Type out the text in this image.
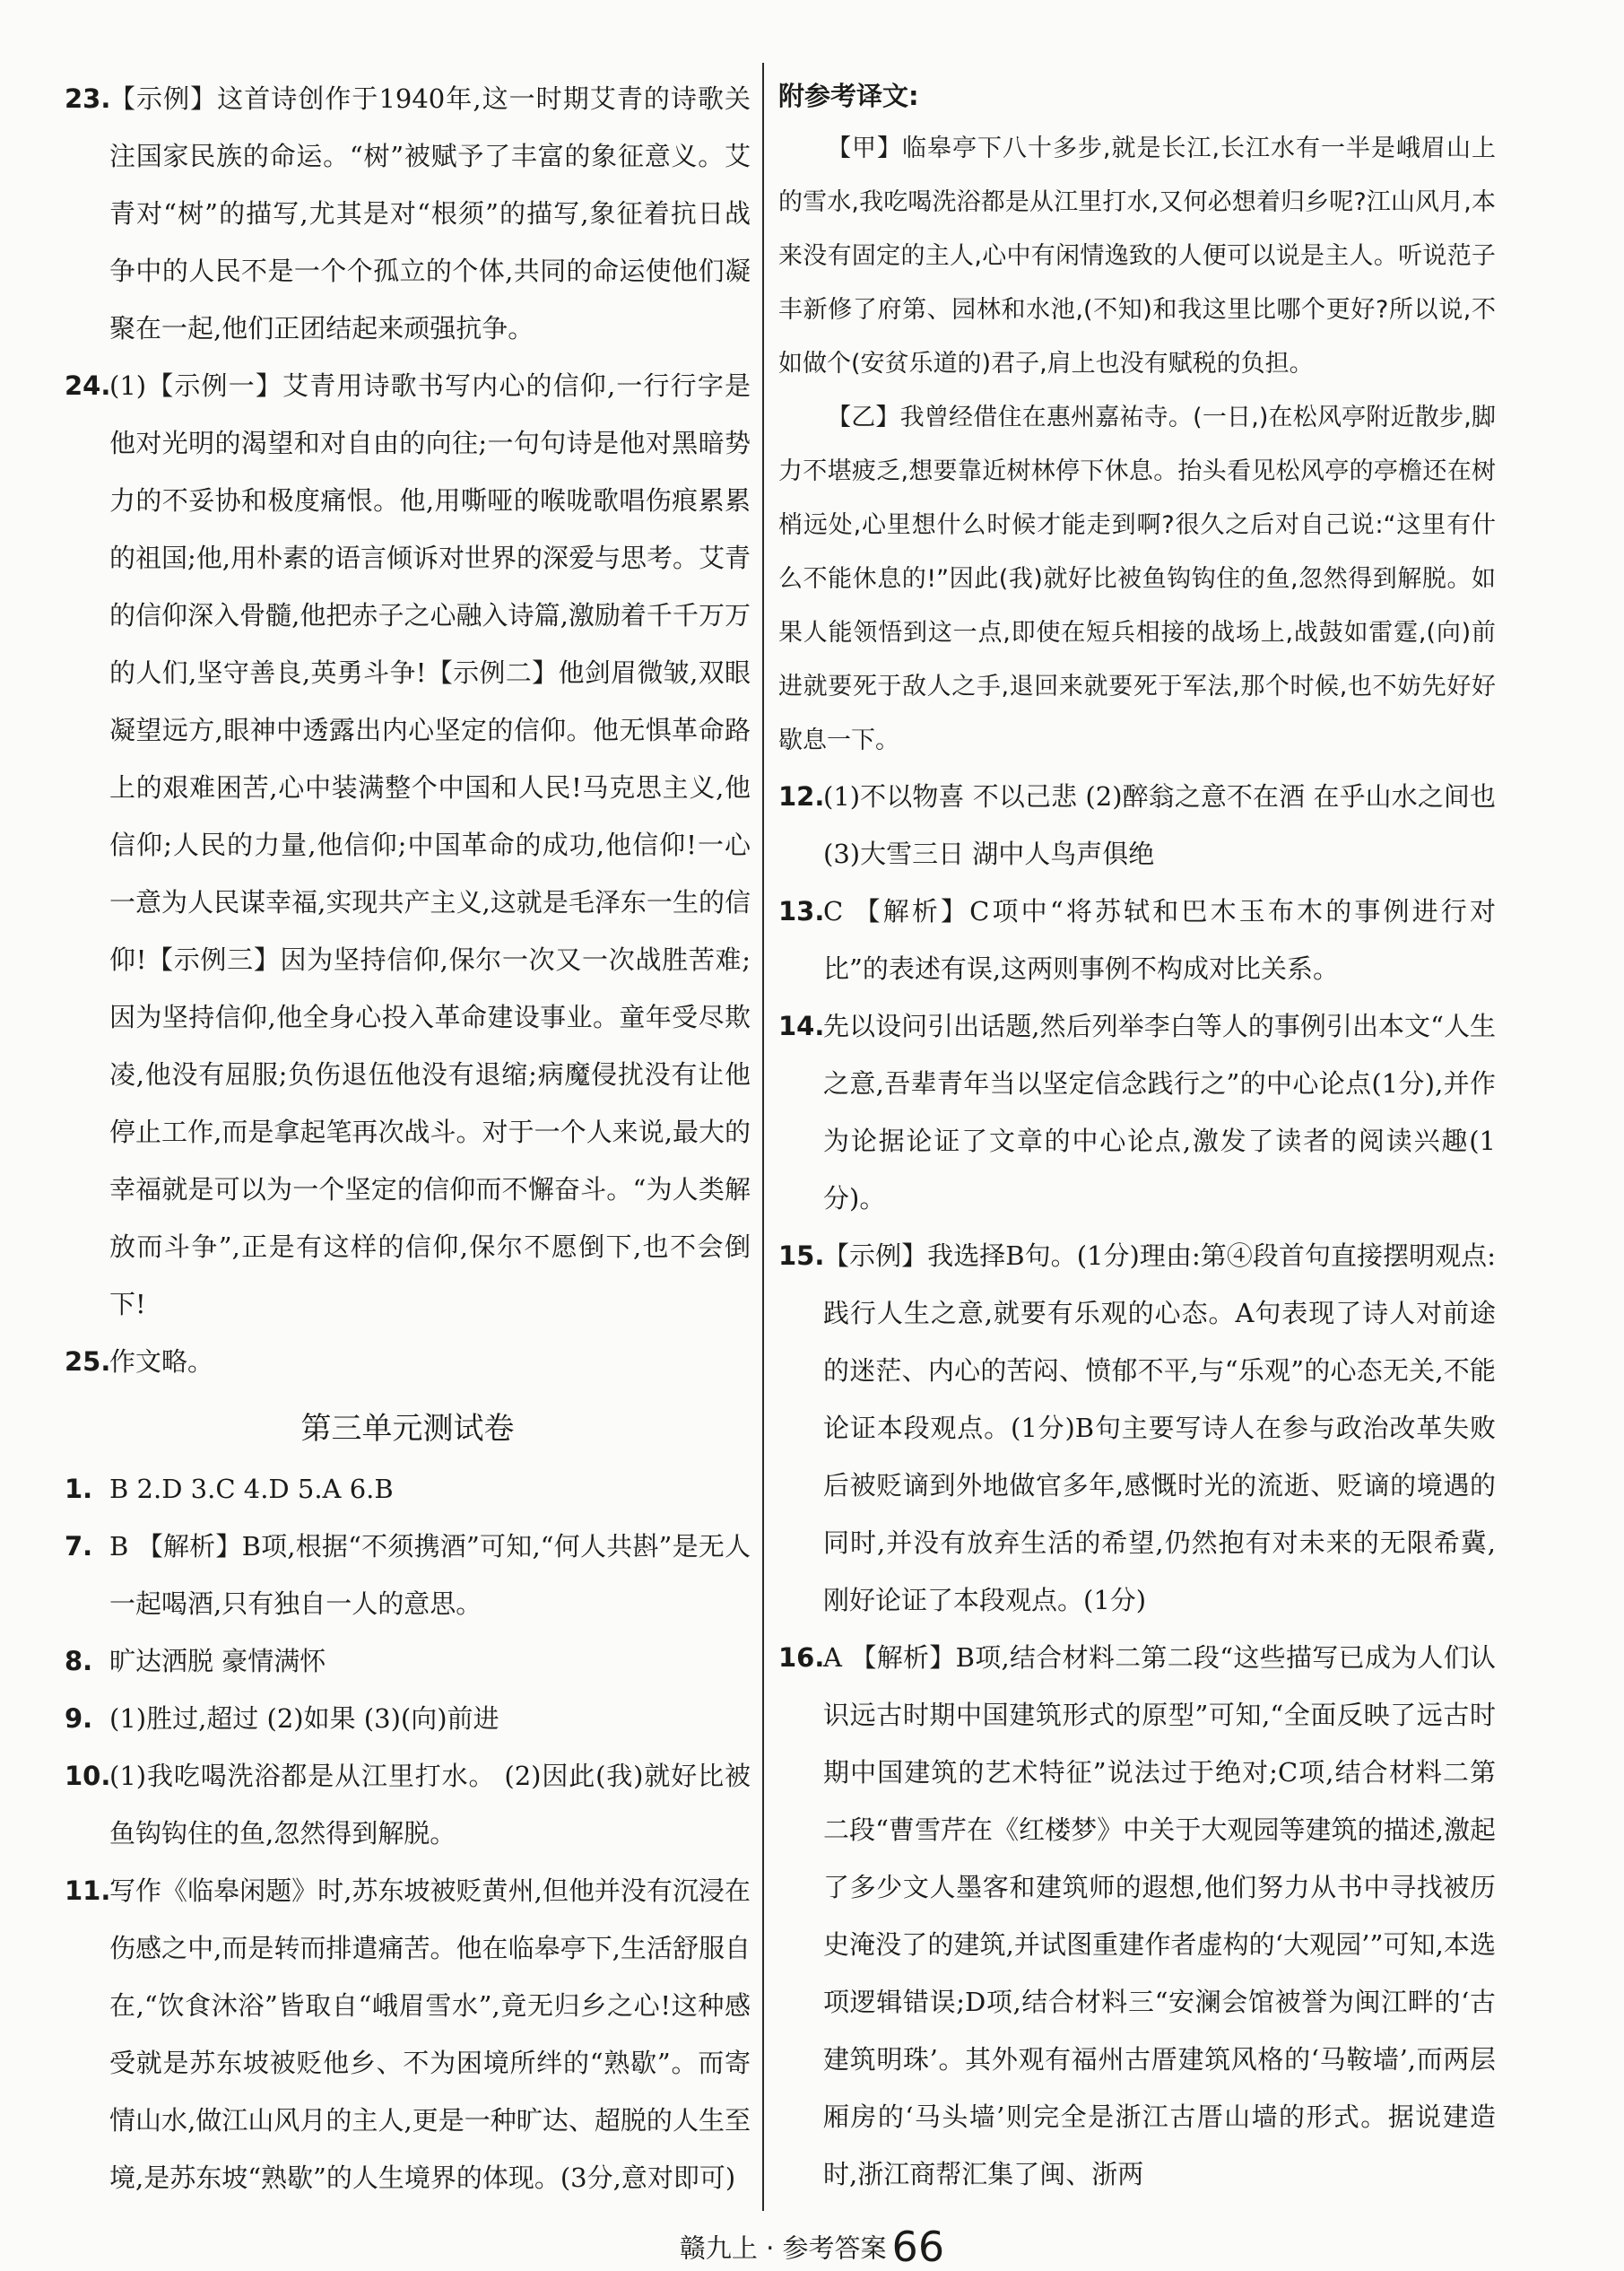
23.
【示例】这首诗创作于1940年,这一时期艾青的诗歌关注国家民族的命运。“树”被赋予了丰富的象征意义。艾青对“树”的描写,尤其是对“根须”的描写,象征着抗日战争中的人民不是一个个孤立的个体,共同的命运使他们凝聚在一起,他们正团结起来顽强抗争。
24.
(1)【示例一】艾青用诗歌书写内心的信仰,一行行字是他对光明的渴望和对自由的向往;一句句诗是他对黑暗势力的不妥协和极度痛恨。他,用嘶哑的喉咙歌唱伤痕累累的祖国;他,用朴素的语言倾诉对世界的深爱与思考。艾青的信仰深入骨髓,他把赤子之心融入诗篇,激励着千千万万的人们,坚守善良,英勇斗争!【示例二】他剑眉微皱,双眼凝望远方,眼神中透露出内心坚定的信仰。他无惧革命路上的艰难困苦,心中装满整个中国和人民!马克思主义,他信仰;人民的力量,他信仰;中国革命的成功,他信仰!一心一意为人民谋幸福,实现共产主义,这就是毛泽东一生的信仰!【示例三】因为坚持信仰,保尔一次又一次战胜苦难;因为坚持信仰,他全身心投入革命建设事业。童年受尽欺凌,他没有屈服;负伤退伍他没有退缩;病魔侵扰没有让他停止工作,而是拿起笔再次战斗。对于一个人来说,最大的幸福就是可以为一个坚定的信仰而不懈奋斗。“为人类解放而斗争”,正是有这样的信仰,保尔不愿倒下,也不会倒下!
25.
作文略。
第三单元测试卷
1. B 2.D 3.C 4.D 5.A 6.B
7. B 【解析】B项,根据“不须携酒”可知,“何人共斟”是无人一起喝酒,只有独自一人的意思。
8. 旷达洒脱 豪情满怀
9. (1)胜过,超过 (2)如果 (3)(向)前进
10.
(1)我吃喝洗浴都是从江里打水。 (2)因此(我)就好比被鱼钩钩住的鱼,忽然得到解脱。
11.
写作《临皋闲题》时,苏东坡被贬黄州,但他并没有沉浸在伤感之中,而是转而排遣痛苦。他在临皋亭下,生活舒服自在,“饮食沐浴”皆取自“峨眉雪水”,竟无归乡之心!这种感受就是苏东坡被贬他乡、不为困境所绊的“熟歇”。而寄情山水,做江山风月的主人,更是一种旷达、超脱的人生至境,是苏东坡“熟歇”的人生境界的体现。(3分,意对即可)
附参考译文:

【甲】临皋亭下八十多步,就是长江,长江水有一半是峨眉山上的雪水,我吃喝洗浴都是从江里打水,又何必想着归乡呢?江山风月,本来没有固定的主人,心中有闲情逸致的人便可以说是主人。听说范子丰新修了府第、园林和水池,(不知)和我这里比哪个更好?所以说,不如做个(安贫乐道的)君子,肩上也没有赋税的负担。

【乙】我曾经借住在惠州嘉祐寺。(一日,)在松风亭附近散步,脚力不堪疲乏,想要靠近树林停下休息。抬头看见松风亭的亭檐还在树梢远处,心里想什么时候才能走到啊?很久之后对自己说:“这里有什么不能休息的!”因此(我)就好比被鱼钩钩住的鱼,忽然得到解脱。如果人能领悟到这一点,即使在短兵相接的战场上,战鼓如雷霆,(向)前进就要死于敌人之手,退回来就要死于军法,那个时候,也不妨先好好歇息一下。

12.
(1)不以物喜 不以己悲 (2)醉翁之意不在酒 在乎山水之间也 (3)大雪三日 湖中人鸟声俱绝
13.
C 【解析】C项中“将苏轼和巴木玉布木的事例进行对比”的表述有误,这两则事例不构成对比关系。
14.
先以设问引出话题,然后列举李白等人的事例引出本文“人生之意,吾辈青年当以坚定信念践行之”的中心论点(1分),并作为论据论证了文章的中心论点,激发了读者的阅读兴趣(1分)。
15.
【示例】我选择B句。(1分)理由:第④段首句直接摆明观点:践行人生之意,就要有乐观的心态。A句表现了诗人对前途的迷茫、内心的苦闷、愤郁不平,与“乐观”的心态无关,不能论证本段观点。(1分)B句主要写诗人在参与政治改革失败后被贬谪到外地做官多年,感慨时光的流逝、贬谪的境遇的同时,并没有放弃生活的希望,仍然抱有对未来的无限希冀,刚好论证了本段观点。(1分)
16.
A 【解析】B项,结合材料二第二段“这些描写已成为人们认识远古时期中国建筑形式的原型”可知,“全面反映了远古时期中国建筑的艺术特征”说法过于绝对;C项,结合材料二第二段“曹雪芹在《红楼梦》中关于大观园等建筑的描述,激起了多少文人墨客和建筑师的遐想,他们努力从书中寻找被历史淹没了的建筑,并试图重建作者虚构的‘大观园’”可知,本选项逻辑错误;D项,结合材料三“安澜会馆被誉为闽江畔的‘古建筑明珠’。其外观有福州古厝建筑风格的‘马鞍墙’,而两层厢房的‘马头墙’则完全是浙江古厝山墙的形式。据说建造时,浙江商帮汇集了闽、浙两
赣九上 · 参考答案 66
